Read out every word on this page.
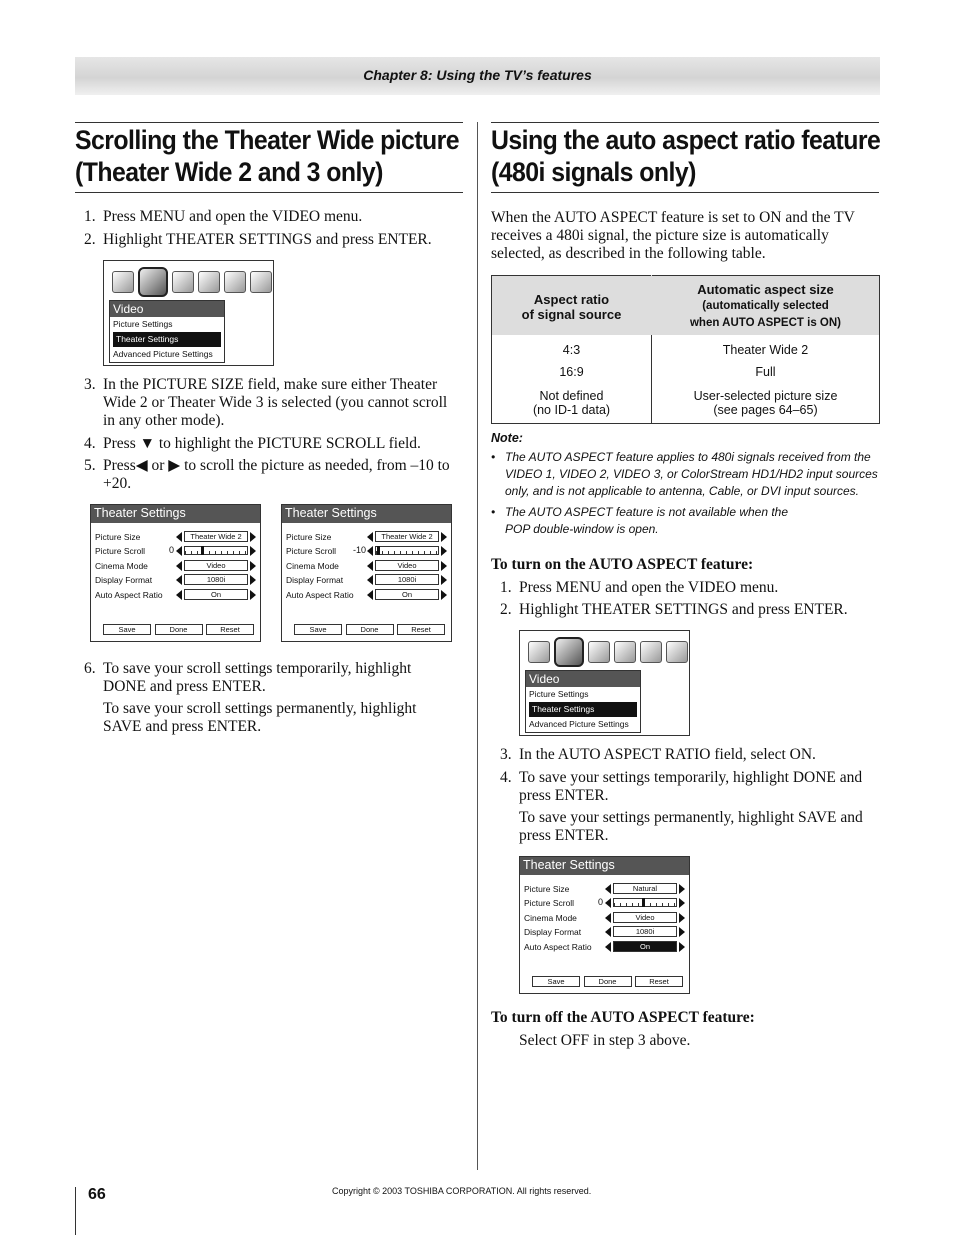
Chapter 8: Using the TV’s features
Scrolling the Theater Wide picture
(Theater Wide 2 and 3 only)
1. Press MENU and open the VIDEO menu.
2. Highlight THEATER SETTINGS and press ENTER.
Video
Picture Settings
Theater Settings
Advanced Picture Settings
3. In the PICTURE SIZE field, make sure either Theater Wide 2 or Theater Wide 3 is selected (you cannot scroll in any other mode).
4. Press ▼ to highlight the PICTURE SCROLL field.
5. Press◀ or ▶ to scroll the picture as needed, from –10 to +20.
Theater Settings
Picture Size	Theater Wide 2
Picture Scroll	0
Cinema Mode	Video
Display Format	1080i
Auto Aspect Ratio	On
Save	Done	Reset
Theater Settings
Picture Size	Theater Wide 2
Picture Scroll -10
Cinema Mode	Video
Display Format	1080i
Auto Aspect Ratio	On
Save	Done	Reset
6. To save your scroll settings temporarily, highlight DONE and press ENTER.
To save your scroll settings permanently, highlight SAVE and press ENTER.
Using the auto aspect ratio feature
(480i signals only)
When the AUTO ASPECT feature is set to ON and the TV receives a 480i signal, the picture size is automatically selected, as described in the following table.
Aspect ratio
of signal source	Automatic aspect size
(automatically selected
when AUTO ASPECT is ON)
4:3	Theater Wide 2
16:9	Full
Not defined
(no ID-1 data)	User-selected picture size
(see pages 64–65)
Note:
• The AUTO ASPECT feature applies to 480i signals received from the VIDEO 1, VIDEO 2, VIDEO 3, or ColorStream HD1/HD2 input sources only, and is not applicable to antenna, Cable, or DVI input sources.
• The AUTO ASPECT feature is not available when the POP double-window is open.
To turn on the AUTO ASPECT feature:
1. Press MENU and open the VIDEO menu.
2. Highlight THEATER SETTINGS and press ENTER.
Video
Picture Settings
Theater Settings
Advanced Picture Settings
3. In the AUTO ASPECT RATIO field, select ON.
4. To save your settings temporarily, highlight DONE and press ENTER.
To save your settings permanently, highlight SAVE and press ENTER.
Theater Settings
Picture Size	Natural
Picture Scroll	0
Cinema Mode	Video
Display Format	1080i
Auto Aspect Ratio	On
Save	Done	Reset
To turn off the AUTO ASPECT feature:
Select OFF in step 3 above.
66	Copyright © 2003 TOSHIBA CORPORATION. All rights reserved.
